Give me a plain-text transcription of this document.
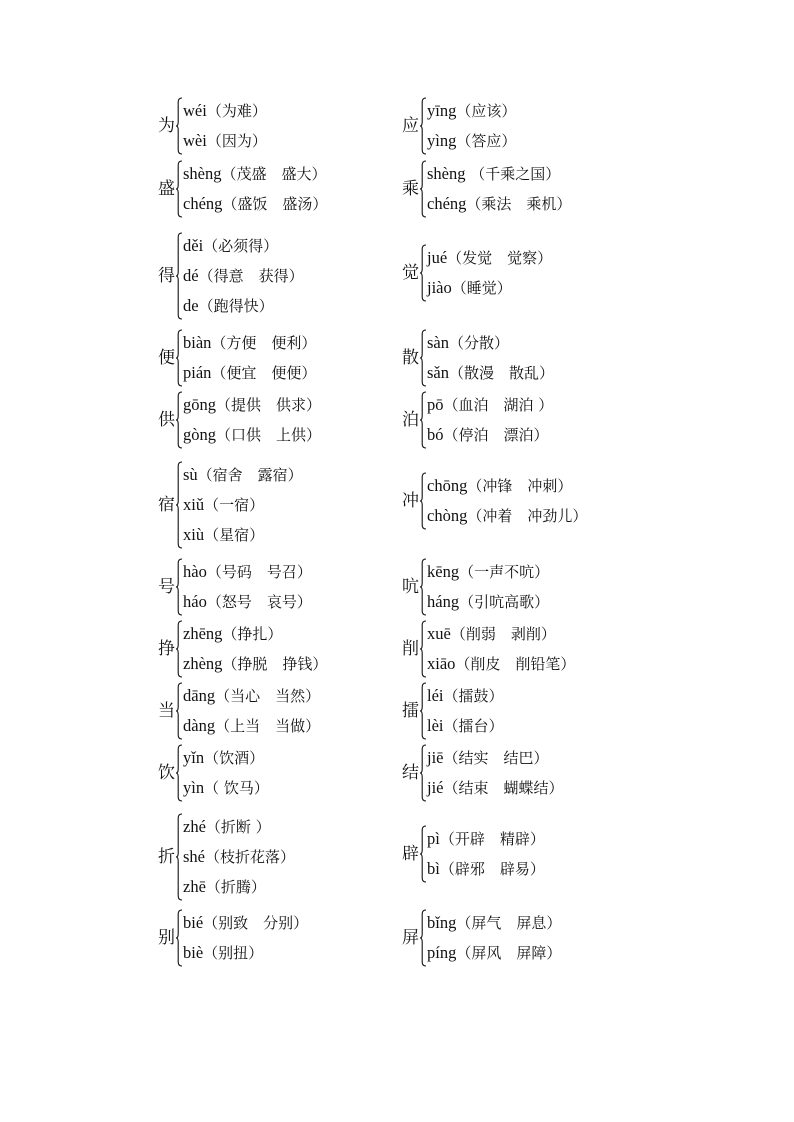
为
wéi（为难）
wèi（因为）
盛
shèng（茂盛　盛大）
chéng（盛饭　盛汤）
得
děi（必须得）
dé（得意　获得）
de（跑得快）
便
biàn（方便　便利）
pián（便宜　便便）
供
gōng（提供　供求）
gòng（口供　上供）
宿
sù（宿舍　露宿）
xiǔ（一宿）
xiù（星宿）
号
hào（号码　号召）
háo（怒号　哀号）
挣
zhēng（挣扎）
zhèng（挣脱　挣钱）
当
dāng（当心　当然）
dàng（上当　当做）
饮
yǐn（饮酒）
yìn（ 饮马）
折
zhé（折断 ）
shé（枝折花落）
zhē（折腾）
别
bié（别致　分别）
biè（别扭）
应
yīng（应该）
yìng（答应）
乘
shèng （千乘之国）
chéng（乘法　乘机）
觉
jué（发觉　觉察）
jiào（睡觉）
散
sàn（分散）
sǎn（散漫　散乱）
泊
pō（血泊　湖泊 ）
bó（停泊　漂泊）
冲
chōng（冲锋　冲刺）
chòng（冲着　冲劲儿）
吭
kēng（一声不吭）
háng（引吭高歌）
削
xuē（削弱　剥削）
xiāo（削皮　削铅笔）
擂
léi（擂鼓）
lèi（擂台）
结
jiē（结实　结巴）
jié（结束　蝴蝶结）
辟
pì（开辟　精辟）
bì（辟邪　辟易）
屏
bǐng（屏气　屏息）
píng（屏风　屏障）
